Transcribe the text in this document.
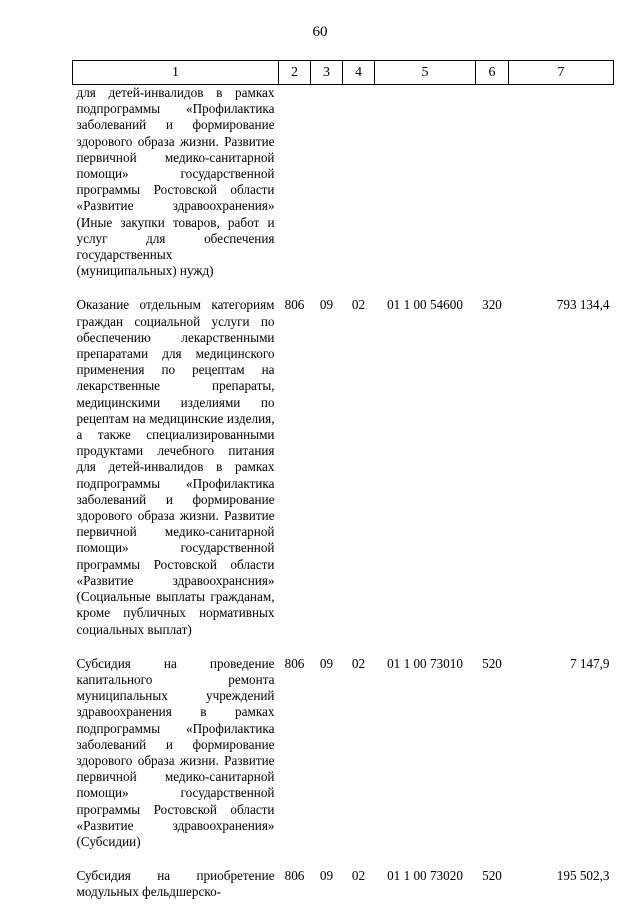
60
1	2	3	4	5	6	7
для детей-инвалидов в рамках подпрограммы «Профилактика заболеваний и формирование здорового образа жизни. Развитие первичной медико-санитарной помощи» государственной программы Ростовской области «Развитие здравоохранения» (Иные закупки товаров, работ и услуг для обеспечения государственных (муниципальных) нужд)						
Оказание отдельным категориям граждан социальной услуги по обеспечению лекарственными препаратами для медицинского применения по рецептам на лекарственные препараты, медицинскими изделиями по рецептам на медицинские изделия, а также специализированными продуктами лечебного питания для детей-инвалидов в рамках подпрограммы «Профилактика заболеваний и формирование здорового образа жизни. Развитие первичной медико-санитарной помощи» государственной программы Ростовской области «Развитие здравоохрансния» (Социальные выплаты гражданам, кроме публичных нормативных социальных выплат)	806	09	02	01 1 00 54600	320	793 134,4
Субсидия на проведение капитального ремонта муниципальных учреждений здравоохранения в рамках подпрограммы «Профилактика заболеваний и формирование здорового образа жизни. Развитие первичной медико-санитарной помощи» государственной программы Ростовской области «Развитие здравоохранения» (Субсидии)	806	09	02	01 1 00 73010	520	7 147,9
Субсидия на приобретение модульных фельдшерско-	806	09	02	01 1 00 73020	520	195 502,3
